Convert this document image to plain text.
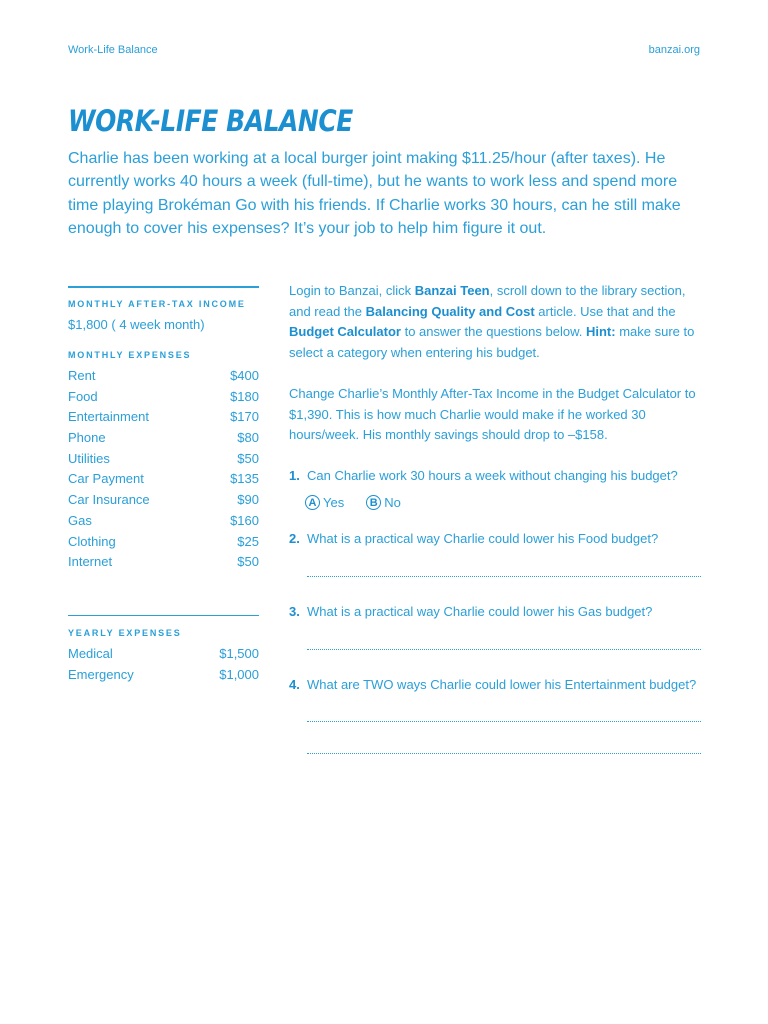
Work-Life Balance	banzai.org
WORK-LIFE BALANCE

Charlie has been working at a local burger joint making $11.25/hour (after taxes). He currently works 40 hours a week (full-time), but he wants to work less and spend more time playing Brokéman Go with his friends. If Charlie works 30 hours, can he still make enough to cover his expenses? It’s your job to help him figure it out.

MONTHLY AFTER-TAX INCOME
$1,800 ( 4 week month)
MONTHLY EXPENSES
Rent	$400
Food	$180
Entertainment	$170
Phone	$80
Utilities	$50
Car Payment	$135
Car Insurance	$90
Gas	$160
Clothing	$25
Internet	$50
YEARLY EXPENSES
Medical	$1,500
Emergency	$1,000

Login to Banzai, click Banzai Teen, scroll down to the library section, and read the Balancing Quality and Cost article. Use that and the Budget Calculator to answer the questions below. Hint: make sure to select a category when entering his budget.

Change Charlie’s Monthly After-Tax Income in the Budget Calculator to $1,390. This is how much Charlie would make if he worked 30 hours/week. His monthly savings should drop to –$158.

1. Can Charlie work 30 hours a week without changing his budget?
A Yes	B No
2. What is a practical way Charlie could lower his Food budget?
3. What is a practical way Charlie could lower his Gas budget?
4. What are TWO ways Charlie could lower his Entertainment budget?
